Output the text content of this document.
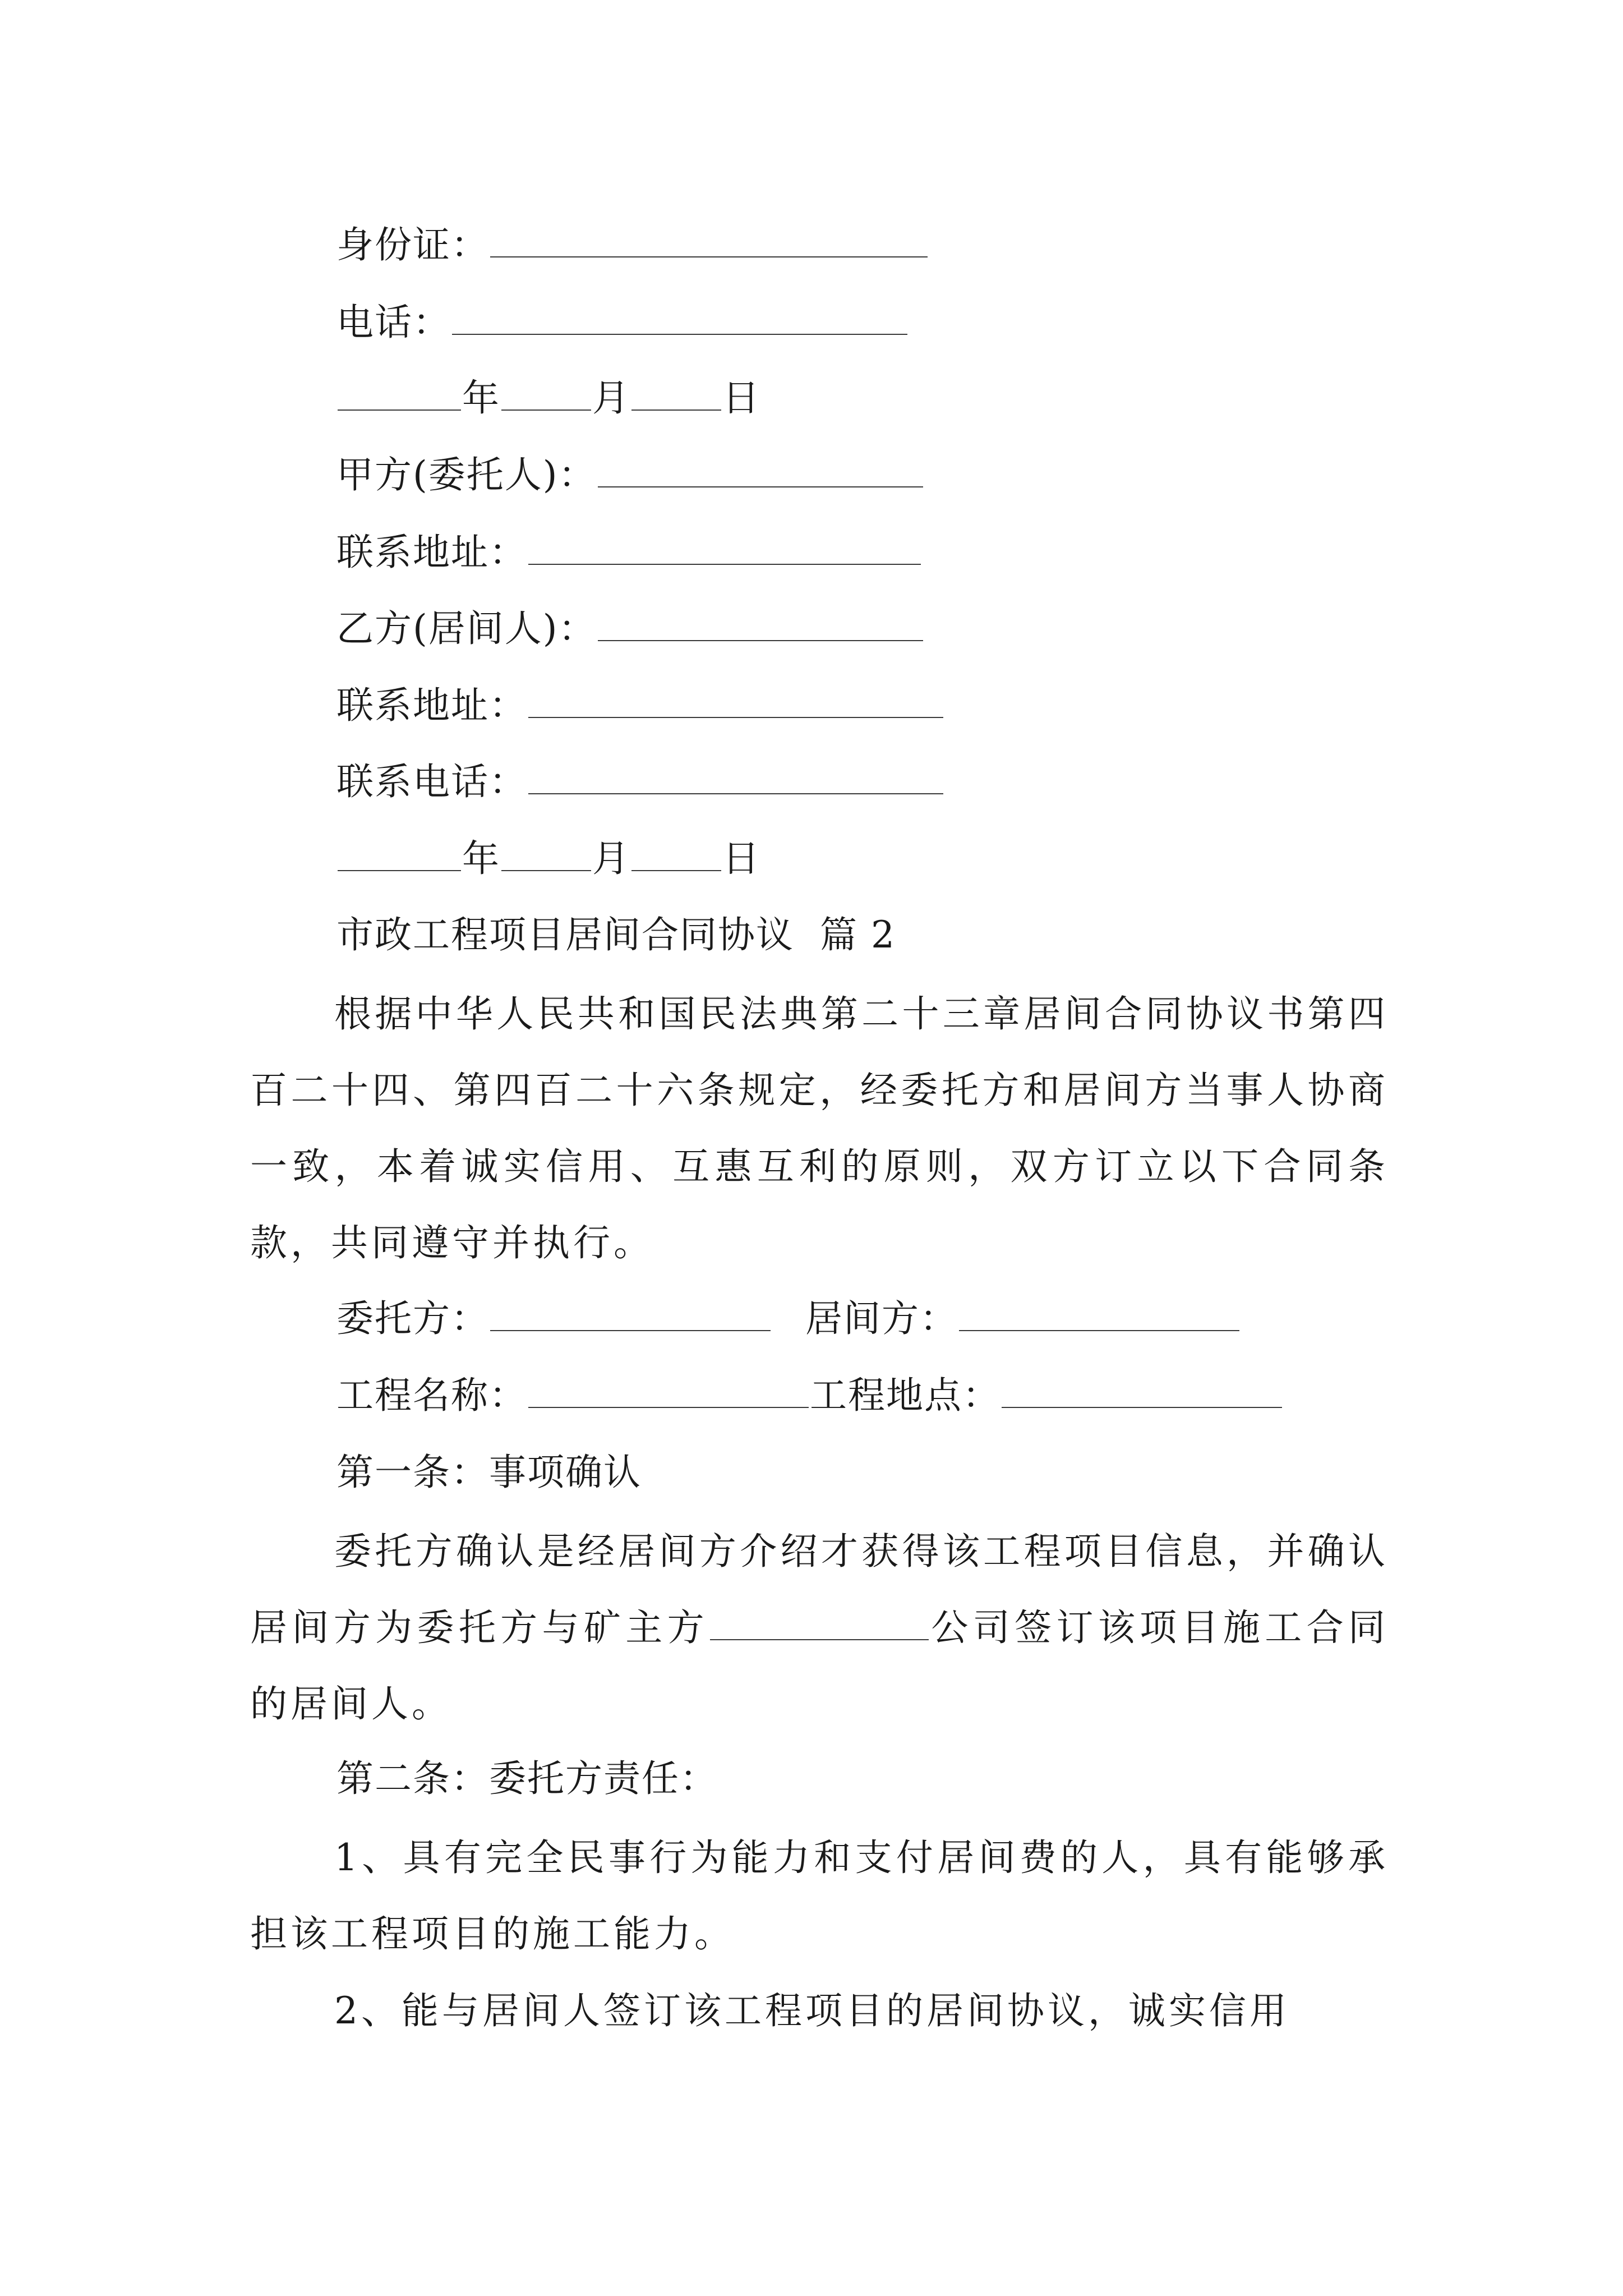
身份证：
电话：
年 月 日
甲方(委托人)：
联系地址：
乙方(居间人)：
联系地址：
联系电话：
年 月 日
市政工程项目居间合同协议  篇 2
根据中华人民共和国民法典第二十三章居间合同协议书第四百二十四、第四百二十六条规定，经委托方和居间方当事人协商一致，本着诚实信用、互惠互利的原则，双方订立以下合同条款，共同遵守并执行。
委托方：	居间方：
工程名称：	工程地点：
第一条：事项确认
委托方确认是经居间方介绍才获得该工程项目信息，并确认居间方为委托方与矿主方	公司签订该项目施工合同的居间人。
第二条：委托方责任：
1、具有完全民事行为能力和支付居间费的人，具有能够承担该工程项目的施工能力。
2、能与居间人签订该工程项目的居间协议，诚实信用
